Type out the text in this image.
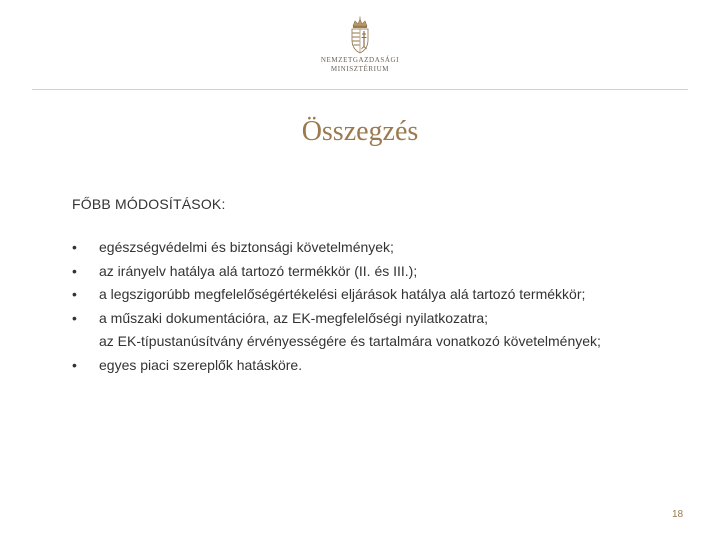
NEMZETGAZDASÁGI
MINISZTÉRIUM
Összegzés
FŐBB MÓDOSÍTÁSOK:
•	egészségvédelmi és biztonsági követelmények;
•	az irányelv hatálya alá tartozó termékkör (II. és III.);
•	a legszigorúbb megfelelőségértékelési eljárások hatálya alá tartozó termékkör;
•	a műszaki dokumentációra, az EK-megfelelőségi nyilatkozatra;
az EK-típustanúsítvány érvényességére és tartalmára vonatkozó követelmények;
•	egyes piaci szereplők hatásköre.
18
